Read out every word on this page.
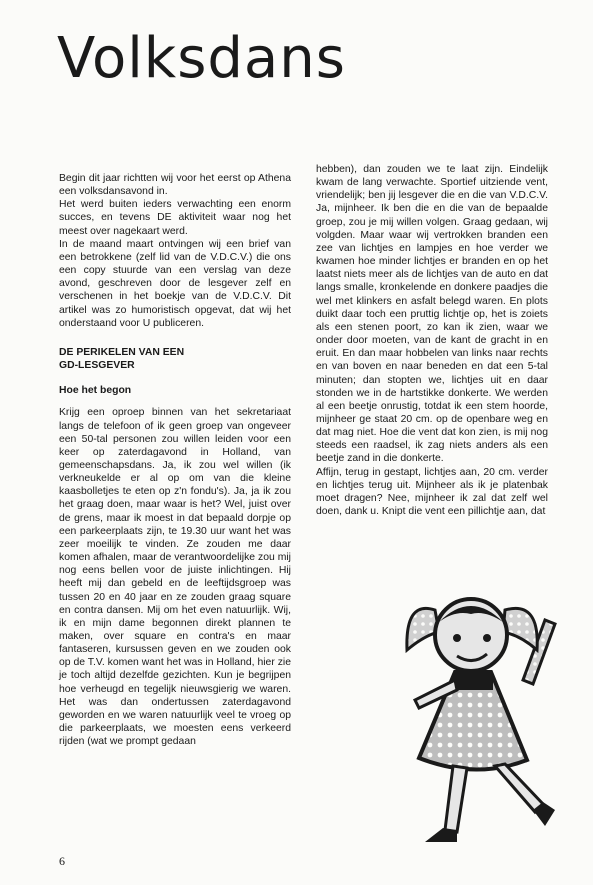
Volksdans

Begin dit jaar richtten wij voor het eerst op Athena een volksdansavond in.

Het werd buiten ieders verwachting een enorm succes, en tevens DE aktiviteit waar nog het meest over nagekaart werd.

In de maand maart ontvingen wij een brief van een betrokkene (zelf lid van de V.D.C.V.) die ons een copy stuurde van een verslag van deze avond, geschreven door de lesgever zelf en verschenen in het boekje van de V.D.C.V. Dit artikel was zo humoristisch opgevat, dat wij het onderstaand voor U publiceren.

DE PERIKELEN VAN EEN
GD-LESGEVER
Hoe het begon

Krijg een oproep binnen van het sekretariaat langs de telefoon of ik geen groep van ongeveer een 50-tal personen zou willen leiden voor een keer op zaterdagavond in Holland, van gemeenschapsdans. Ja, ik zou wel willen (ik verkneukelde er al op om van die kleine kaasbolletjes te eten op z'n fondu's). Ja, ja ik zou het graag doen, maar waar is het? Wel, juist over de grens, maar ik moest in dat bepaald dorpje op een parkeerplaats zijn, te 19.30 uur want het was zeer moeilijk te vinden. Ze zouden me daar komen afhalen, maar de verantwoordelijke zou mij nog eens bellen voor de juiste inlichtingen. Hij heeft mij dan gebeld en de leeftijdsgroep was tussen 20 en 40 jaar en ze zouden graag square en contra dansen. Mij om het even natuurlijk. Wij, ik en mijn dame begonnen direkt plannen te maken, over square en contra's en maar fantaseren, kursussen geven en we zouden ook op de T.V. komen want het was in Holland, hier zie je toch altijd dezelfde gezichten. Kun je begrijpen hoe verheugd en tegelijk nieuwsgierig we waren. Het was dan ondertussen zaterdagavond geworden en we waren natuurlijk veel te vroeg op die parkeerplaats, we moesten eens verkeerd rijden (wat we prompt gedaan

hebben), dan zouden we te laat zijn. Eindelijk kwam de lang verwachte. Sportief uitziende vent, vriendelijk; ben jij lesgever die en die van V.D.C.V. Ja, mijnheer. Ik ben die en die van de bepaalde groep, zou je mij willen volgen. Graag gedaan, wij volgden. Maar waar wij vertrokken branden een zee van lichtjes en lampjes en hoe verder we kwamen hoe minder lichtjes er branden en op het laatst niets meer als de lichtjes van de auto en dat langs smalle, kronkelende en donkere paadjes die wel met klinkers en asfalt belegd waren. En plots duikt daar toch een pruttig lichtje op, het is zoiets als een stenen poort, zo kan ik zien, waar we onder door moeten, van de kant de gracht in en eruit. En dan maar hobbelen van links naar rechts en van boven en naar beneden en dat een 5-tal minuten; dan stopten we, lichtjes uit en daar stonden we in de hartstikke donkerte. We werden al een beetje onrustig, totdat ik een stem hoorde, mijnheer ge staat 20 cm. op de openbare weg en dat mag niet. Hoe die vent dat kon zien, is mij nog steeds een raadsel, ik zag niets anders als een beetje zand in die donkerte.

Affijn, terug in gestapt, lichtjes aan, 20 cm. verder en lichtjes terug uit. Mijnheer als ik je platenbak moet dragen? Nee, mijnheer ik zal dat zelf wel doen, dank u. Knipt die vent een pillichtje aan, dat

6
